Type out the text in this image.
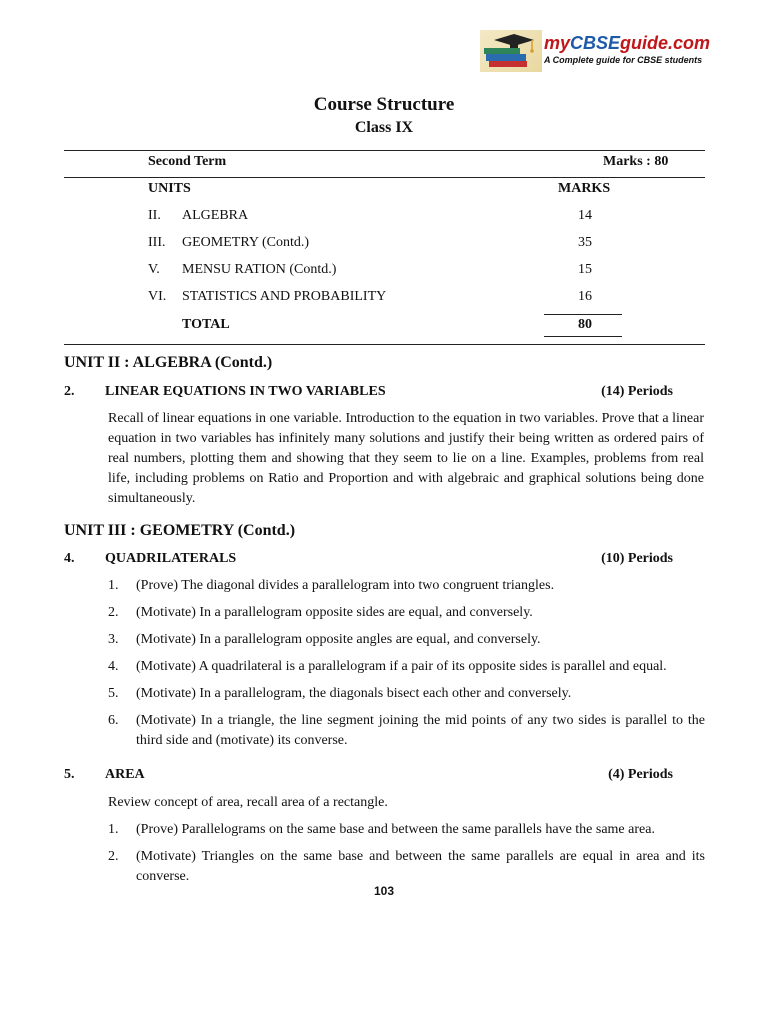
myCBSEguide.com
A Complete guide for CBSE students
Course Structure
Class IX
Second Term	Marks : 80
UNITS	MARKS
II. ALGEBRA	14
III. GEOMETRY (Contd.)	35
V. MENSU RATION (Contd.)	15
VI. STATISTICS AND PROBABILITY	16
TOTAL	80
UNIT II : ALGEBRA (Contd.)
2. LINEAR EQUATIONS IN TWO VARIABLES	(14) Periods
Recall of linear equations in one variable. Introduction to the equation in two variables. Prove that a linear equation in two variables has infinitely many solutions and justify their being written as ordered pairs of real numbers, plotting them and showing that they seem to lie on a line. Examples, problems from real life, including problems on Ratio and Proportion and with algebraic and graphical solutions being done simultaneously.
UNIT III : GEOMETRY (Contd.)
4. QUADRILATERALS	(10) Periods
1. (Prove) The diagonal divides a parallelogram into two congruent triangles.
2. (Motivate) In a parallelogram opposite sides are equal, and conversely.
3. (Motivate) In a parallelogram opposite angles are equal, and conversely.
4. (Motivate) A quadrilateral is a parallelogram if a pair of its opposite sides is parallel and equal.
5. (Motivate) In a parallelogram, the diagonals bisect each other and conversely.
6. (Motivate) In a triangle, the line segment joining the mid points of any two sides is parallel to the third side and (motivate) its converse.
5. AREA	(4) Periods
Review concept of area, recall area of a rectangle.
1. (Prove) Parallelograms on the same base and between the same parallels have the same area.
2. (Motivate) Triangles on the same base and between the same parallels are equal in area and its converse.
103
